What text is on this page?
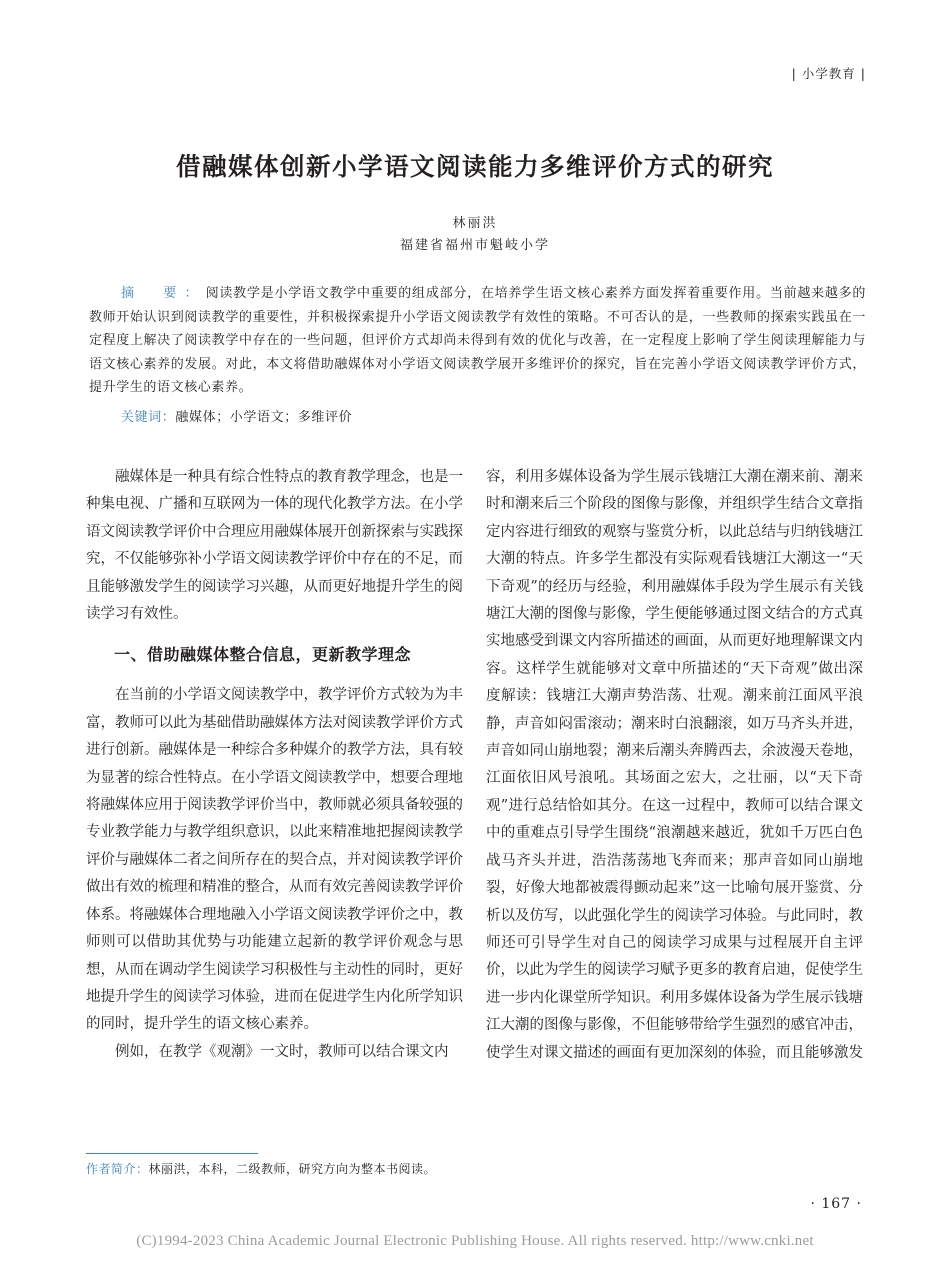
| 小学教育 |
借融媒体创新小学语文阅读能力多维评价方式的研究
林丽洪
福建省福州市魁岐小学

摘　要：阅读教学是小学语文教学中重要的组成部分，在培养学生语文核心素养方面发挥着重要作用。当前越来越多的教师开始认识到阅读教学的重要性，并积极探索提升小学语文阅读教学有效性的策略。不可否认的是，一些教师的探索实践虽在一定程度上解决了阅读教学中存在的一些问题，但评价方式却尚未得到有效的优化与改善，在一定程度上影响了学生阅读理解能力与语文核心素养的发展。对此，本文将借助融媒体对小学语文阅读教学展开多维评价的探究，旨在完善小学语文阅读教学评价方式，提升学生的语文核心素养。

关键词：融媒体；小学语文；多维评价

融媒体是一种具有综合性特点的教育教学理念，也是一种集电视、广播和互联网为一体的现代化教学方法。在小学语文阅读教学评价中合理应用融媒体展开创新探索与实践探究，不仅能够弥补小学语文阅读教学评价中存在的不足，而且能够激发学生的阅读学习兴趣，从而更好地提升学生的阅读学习有效性。

一、借助融媒体整合信息，更新教学理念

在当前的小学语文阅读教学中，教学评价方式较为为丰富，教师可以此为基础借助融媒体方法对阅读教学评价方式进行创新。融媒体是一种综合多种媒介的教学方法，具有较为显著的综合性特点。在小学语文阅读教学中，想要合理地将融媒体应用于阅读教学评价当中，教师就必须具备较强的专业教学能力与教学组织意识，以此来精准地把握阅读教学评价与融媒体二者之间所存在的契合点，并对阅读教学评价做出有效的梳理和精准的整合，从而有效完善阅读教学评价体系。将融媒体合理地融入小学语文阅读教学评价之中，教师则可以借助其优势与功能建立起新的教学评价观念与思想，从而在调动学生阅读学习积极性与主动性的同时，更好地提升学生的阅读学习体验，进而在促进学生内化所学知识的同时，提升学生的语文核心素养。

例如，在教学《观潮》一文时，教师可以结合课文内

容，利用多媒体设备为学生展示钱塘江大潮在潮来前、潮来时和潮来后三个阶段的图像与影像，并组织学生结合文章指定内容进行细致的观察与鉴赏分析，以此总结与归纳钱塘江大潮的特点。许多学生都没有实际观看钱塘江大潮这一“天下奇观”的经历与经验，利用融媒体手段为学生展示有关钱塘江大潮的图像与影像，学生便能够通过图文结合的方式真实地感受到课文内容所描述的画面，从而更好地理解课文内容。这样学生就能够对文章中所描述的“天下奇观”做出深度解读：钱塘江大潮声势浩荡、壮观。潮来前江面风平浪静，声音如闷雷滚动；潮来时白浪翻滚，如万马齐头并进，声音如同山崩地裂；潮来后潮头奔腾西去，余波漫天卷地，江面依旧风号浪吼。其场面之宏大，之壮丽，以“天下奇观”进行总结恰如其分。在这一过程中，教师可以结合课文中的重难点引导学生围绕“浪潮越来越近，犹如千万匹白色战马齐头并进，浩浩荡荡地飞奔而来；那声音如同山崩地裂，好像大地都被震得颤动起来”这一比喻句展开鉴赏、分析以及仿写，以此强化学生的阅读学习体验。与此同时，教师还可引导学生对自己的阅读学习成果与过程展开自主评价，以此为学生的阅读学习赋予更多的教育启迪，促使学生进一步内化课堂所学知识。利用多媒体设备为学生展示钱塘江大潮的图像与影像，不但能够带给学生强烈的感官冲击，使学生对课文描述的画面有更加深刻的体验，而且能够激发

作者简介：林丽洪，本科，二级教师，研究方向为整本书阅读。
· 167 ·
(C)1994-2023 China Academic Journal Electronic Publishing House. All rights reserved. http://www.cnki.net
